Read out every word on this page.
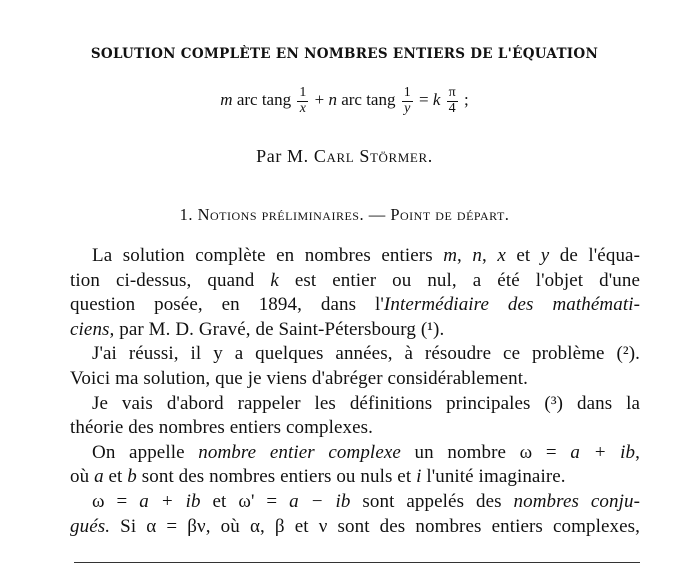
SOLUTION COMPLÈTE EN NOMBRES ENTIERS DE L'ÉQUATION
m arc tang $\frac{1}{x} + n$ arc tang $\frac{1}{y} = k \frac{\pi}{4}$ ;
Par M. Carl Störmer.
1. Notions préliminaires. — Point de départ.
La solution complète en nombres entiers m, n, x et y de l'équa-
tion ci-dessus, quand k est entier ou nul, a été l'objet d'une
question posée, en 1894, dans l'Intermédiaire des mathémati-
ciens, par M. D. Gravé, de Saint-Pétersbourg (¹).
J'ai réussi, il y a quelques années, à résoudre ce problème (²).
Voici ma solution, que je viens d'abréger considérablement.
Je vais d'abord rappeler les définitions principales (³) dans la
théorie des nombres entiers complexes.
On appelle nombre entier complexe un nombre ω = a + ib,
où a et b sont des nombres entiers ou nuls et i l'unité imaginaire.
ω = a + ib et ω' = a − ib sont appelés des nombres conju-
gués. Si α = βν, où α, β et ν sont des nombres entiers complexes,
